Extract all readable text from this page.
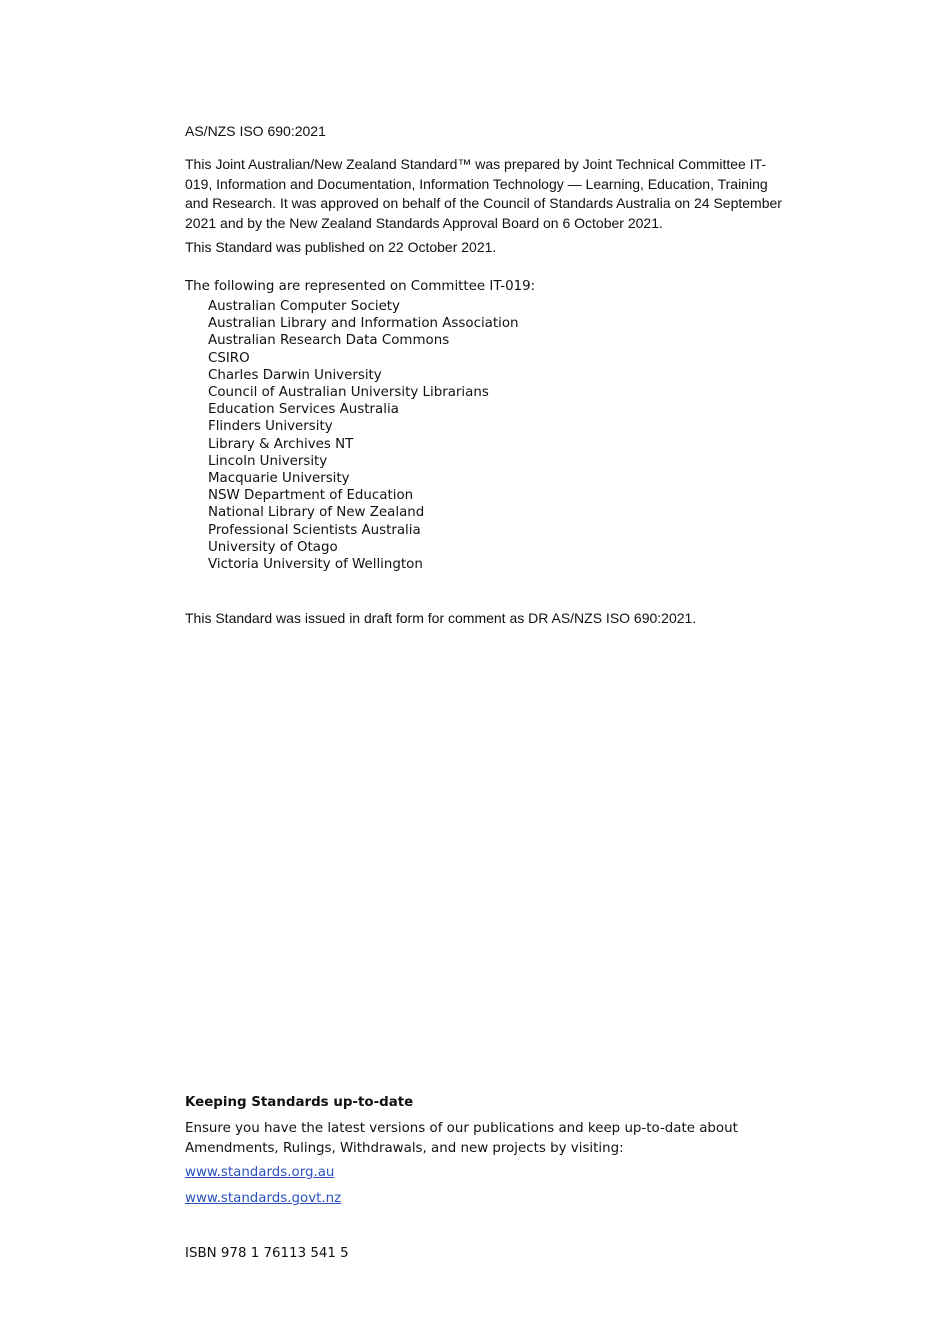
AS/NZS ISO 690:2021

This Joint Australian/New Zealand Standard™ was prepared by Joint Technical Committee IT-019, Information and Documentation, Information Technology — Learning, Education, Training and Research. It was approved on behalf of the Council of Standards Australia on 24 September 2021 and by the New Zealand Standards Approval Board on 6 October 2021.

This Standard was published on 22 October 2021.

The following are represented on Committee IT-019:

Australian Computer Society
Australian Library and Information Association
Australian Research Data Commons
CSIRO
Charles Darwin University
Council of Australian University Librarians
Education Services Australia
Flinders University
Library & Archives NT
Lincoln University
Macquarie University
NSW Department of Education
National Library of New Zealand
Professional Scientists Australia
University of Otago
Victoria University of Wellington

This Standard was issued in draft form for comment as DR AS/NZS ISO 690:2021.

Keeping Standards up-to-date

Ensure you have the latest versions of our publications and keep up-to-date about Amendments, Rulings, Withdrawals, and new projects by visiting:

www.standards.org.au
www.standards.govt.nz

ISBN 978 1 76113 541 5
